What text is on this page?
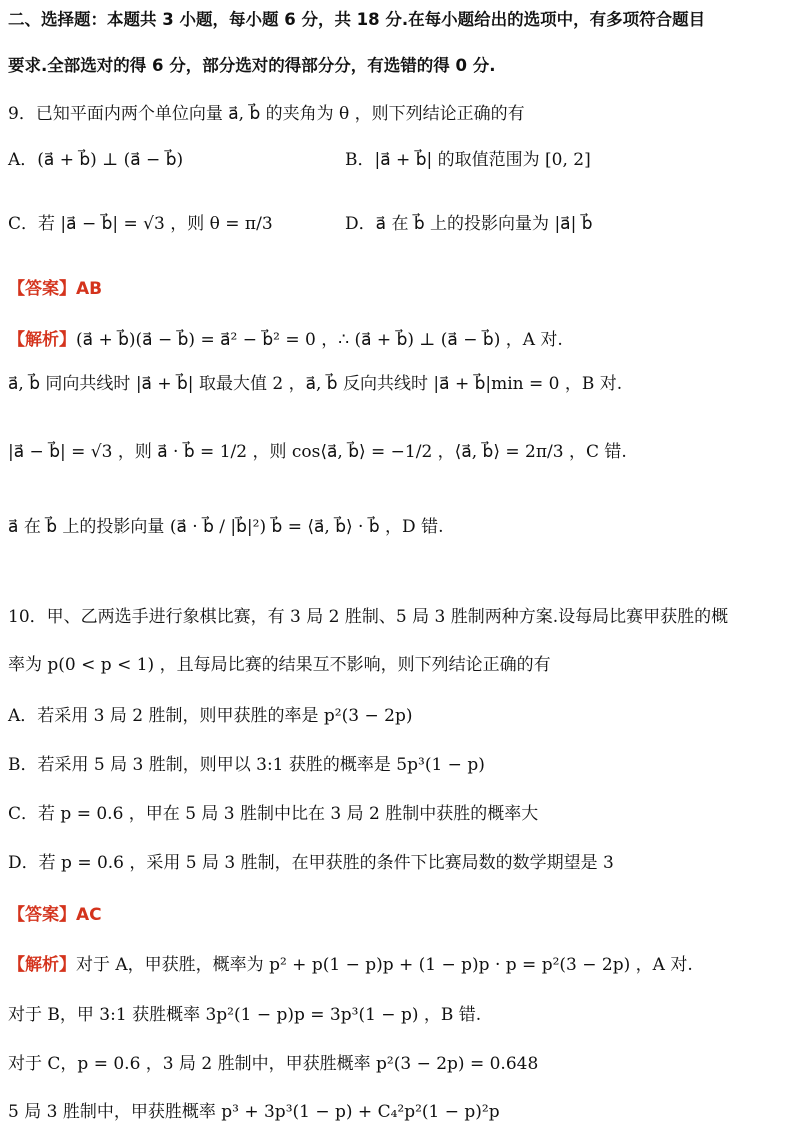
二、选择题：本题共 3 小题，每小题 6 分，共 18 分.在每小题给出的选项中，有多项符合题目
要求.全部选对的得 6 分，部分选对的得部分分，有选错的得 0 分.
9．已知平面内两个单位向量 a⃗, b⃗ 的夹角为 θ ，则下列结论正确的有
A．(a⃗ + b⃗) ⊥ (a⃗ − b⃗)	B．|a⃗ + b⃗| 的取值范围为 [0, 2]
C．若 |a⃗ − b⃗| = √3 ，则 θ = π/3	D．a⃗ 在 b⃗ 上的投影向量为 |a⃗| b⃗
【答案】AB
【解析】(a⃗ + b⃗)(a⃗ − b⃗) = a⃗² − b⃗² = 0 ，∴ (a⃗ + b⃗) ⊥ (a⃗ − b⃗) ，A 对.
a⃗, b⃗ 同向共线时 |a⃗ + b⃗| 取最大值 2 ，a⃗, b⃗ 反向共线时 |a⃗ + b⃗|min = 0 ，B 对.
|a⃗ − b⃗| = √3 ，则 a⃗ · b⃗ = 1/2 ，则 cos⟨a⃗, b⃗⟩ = −1/2 ，⟨a⃗, b⃗⟩ = 2π/3 ，C 错.
a⃗ 在 b⃗ 上的投影向量 (a⃗ · b⃗ / |b⃗|²) b⃗ = ⟨a⃗, b⃗⟩ · b⃗ ，D 错.
10．甲、乙两选手进行象棋比赛，有 3 局 2 胜制、5 局 3 胜制两种方案.设每局比赛甲获胜的概
率为 p(0 < p < 1) ，且每局比赛的结果互不影响，则下列结论正确的有
A．若采用 3 局 2 胜制，则甲获胜的率是 p²(3 − 2p)
B．若采用 5 局 3 胜制，则甲以 3:1 获胜的概率是 5p³(1 − p)
C．若 p = 0.6 ，甲在 5 局 3 胜制中比在 3 局 2 胜制中获胜的概率大
D．若 p = 0.6 ，采用 5 局 3 胜制，在甲获胜的条件下比赛局数的数学期望是 3
【答案】AC
【解析】对于 A，甲获胜，概率为 p² + p(1 − p)p + (1 − p)p · p = p²(3 − 2p) ，A 对.
对于 B，甲 3:1 获胜概率 3p²(1 − p)p = 3p³(1 − p) ，B 错.
对于 C，p = 0.6 ，3 局 2 胜制中，甲获胜概率 p²(3 − 2p) = 0.648
5 局 3 胜制中，甲获胜概率 p³ + 3p³(1 − p) + C₄²p²(1 − p)²p
